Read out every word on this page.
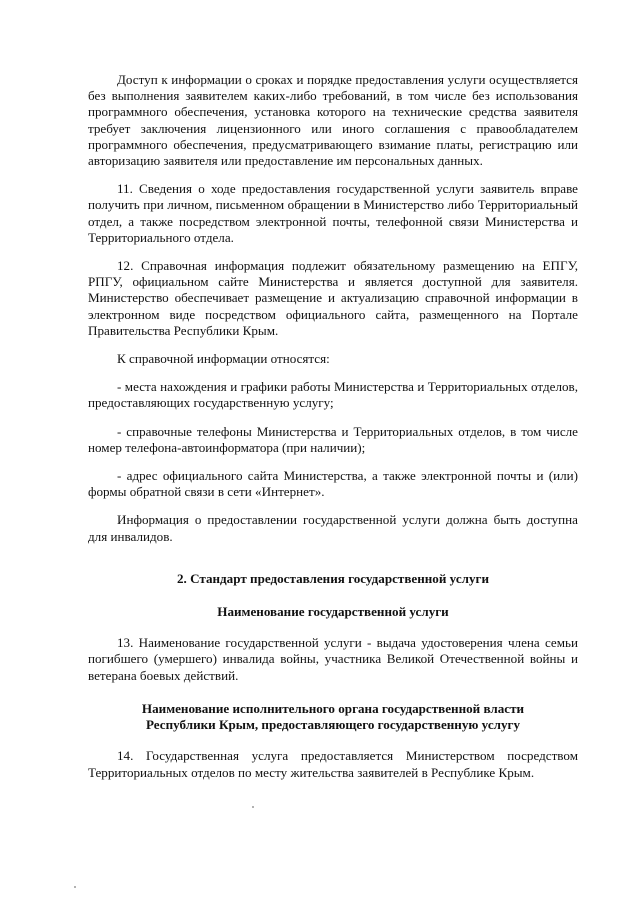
Доступ к информации о сроках и порядке предоставления услуги осуществляется без выполнения заявителем каких-либо требований, в том числе без использования программного обеспечения, установка которого на технические средства заявителя требует заключения лицензионного или иного соглашения с правообладателем программного обеспечения, предусматривающего взимание платы, регистрацию или авторизацию заявителя или предоставление им персональных данных.

11. Сведения о ходе предоставления государственной услуги заявитель вправе получить при личном, письменном обращении в Министерство либо Территориальный отдел, а также посредством электронной почты, телефонной связи Министерства и Территориального отдела.

12. Справочная информация подлежит обязательному размещению на ЕПГУ, РПГУ, официальном сайте Министерства и является доступной для заявителя. Министерство обеспечивает размещение и актуализацию справочной информации в электронном виде посредством официального сайта, размещенного на Портале Правительства Республики Крым.

К справочной информации относятся:

- места нахождения и графики работы Министерства и Территориальных отделов, предоставляющих государственную услугу;

- справочные телефоны Министерства и Территориальных отделов, в том числе номер телефона-автоинформатора (при наличии);

- адрес официального сайта Министерства, а также электронной почты и (или) формы обратной связи в сети «Интернет».

Информация о предоставлении государственной услуги должна быть доступна для инвалидов.

2. Стандарт предоставления государственной услуги

Наименование государственной услуги

13. Наименование государственной услуги - выдача удостоверения члена семьи погибшего (умершего) инвалида войны, участника Великой Отечественной войны и ветерана боевых действий.

Наименование исполнительного органа государственной власти

Республики Крым, предоставляющего государственную услугу

14. Государственная услуга предоставляется Министерством посредством Территориальных отделов по месту жительства заявителей в Республике Крым.
